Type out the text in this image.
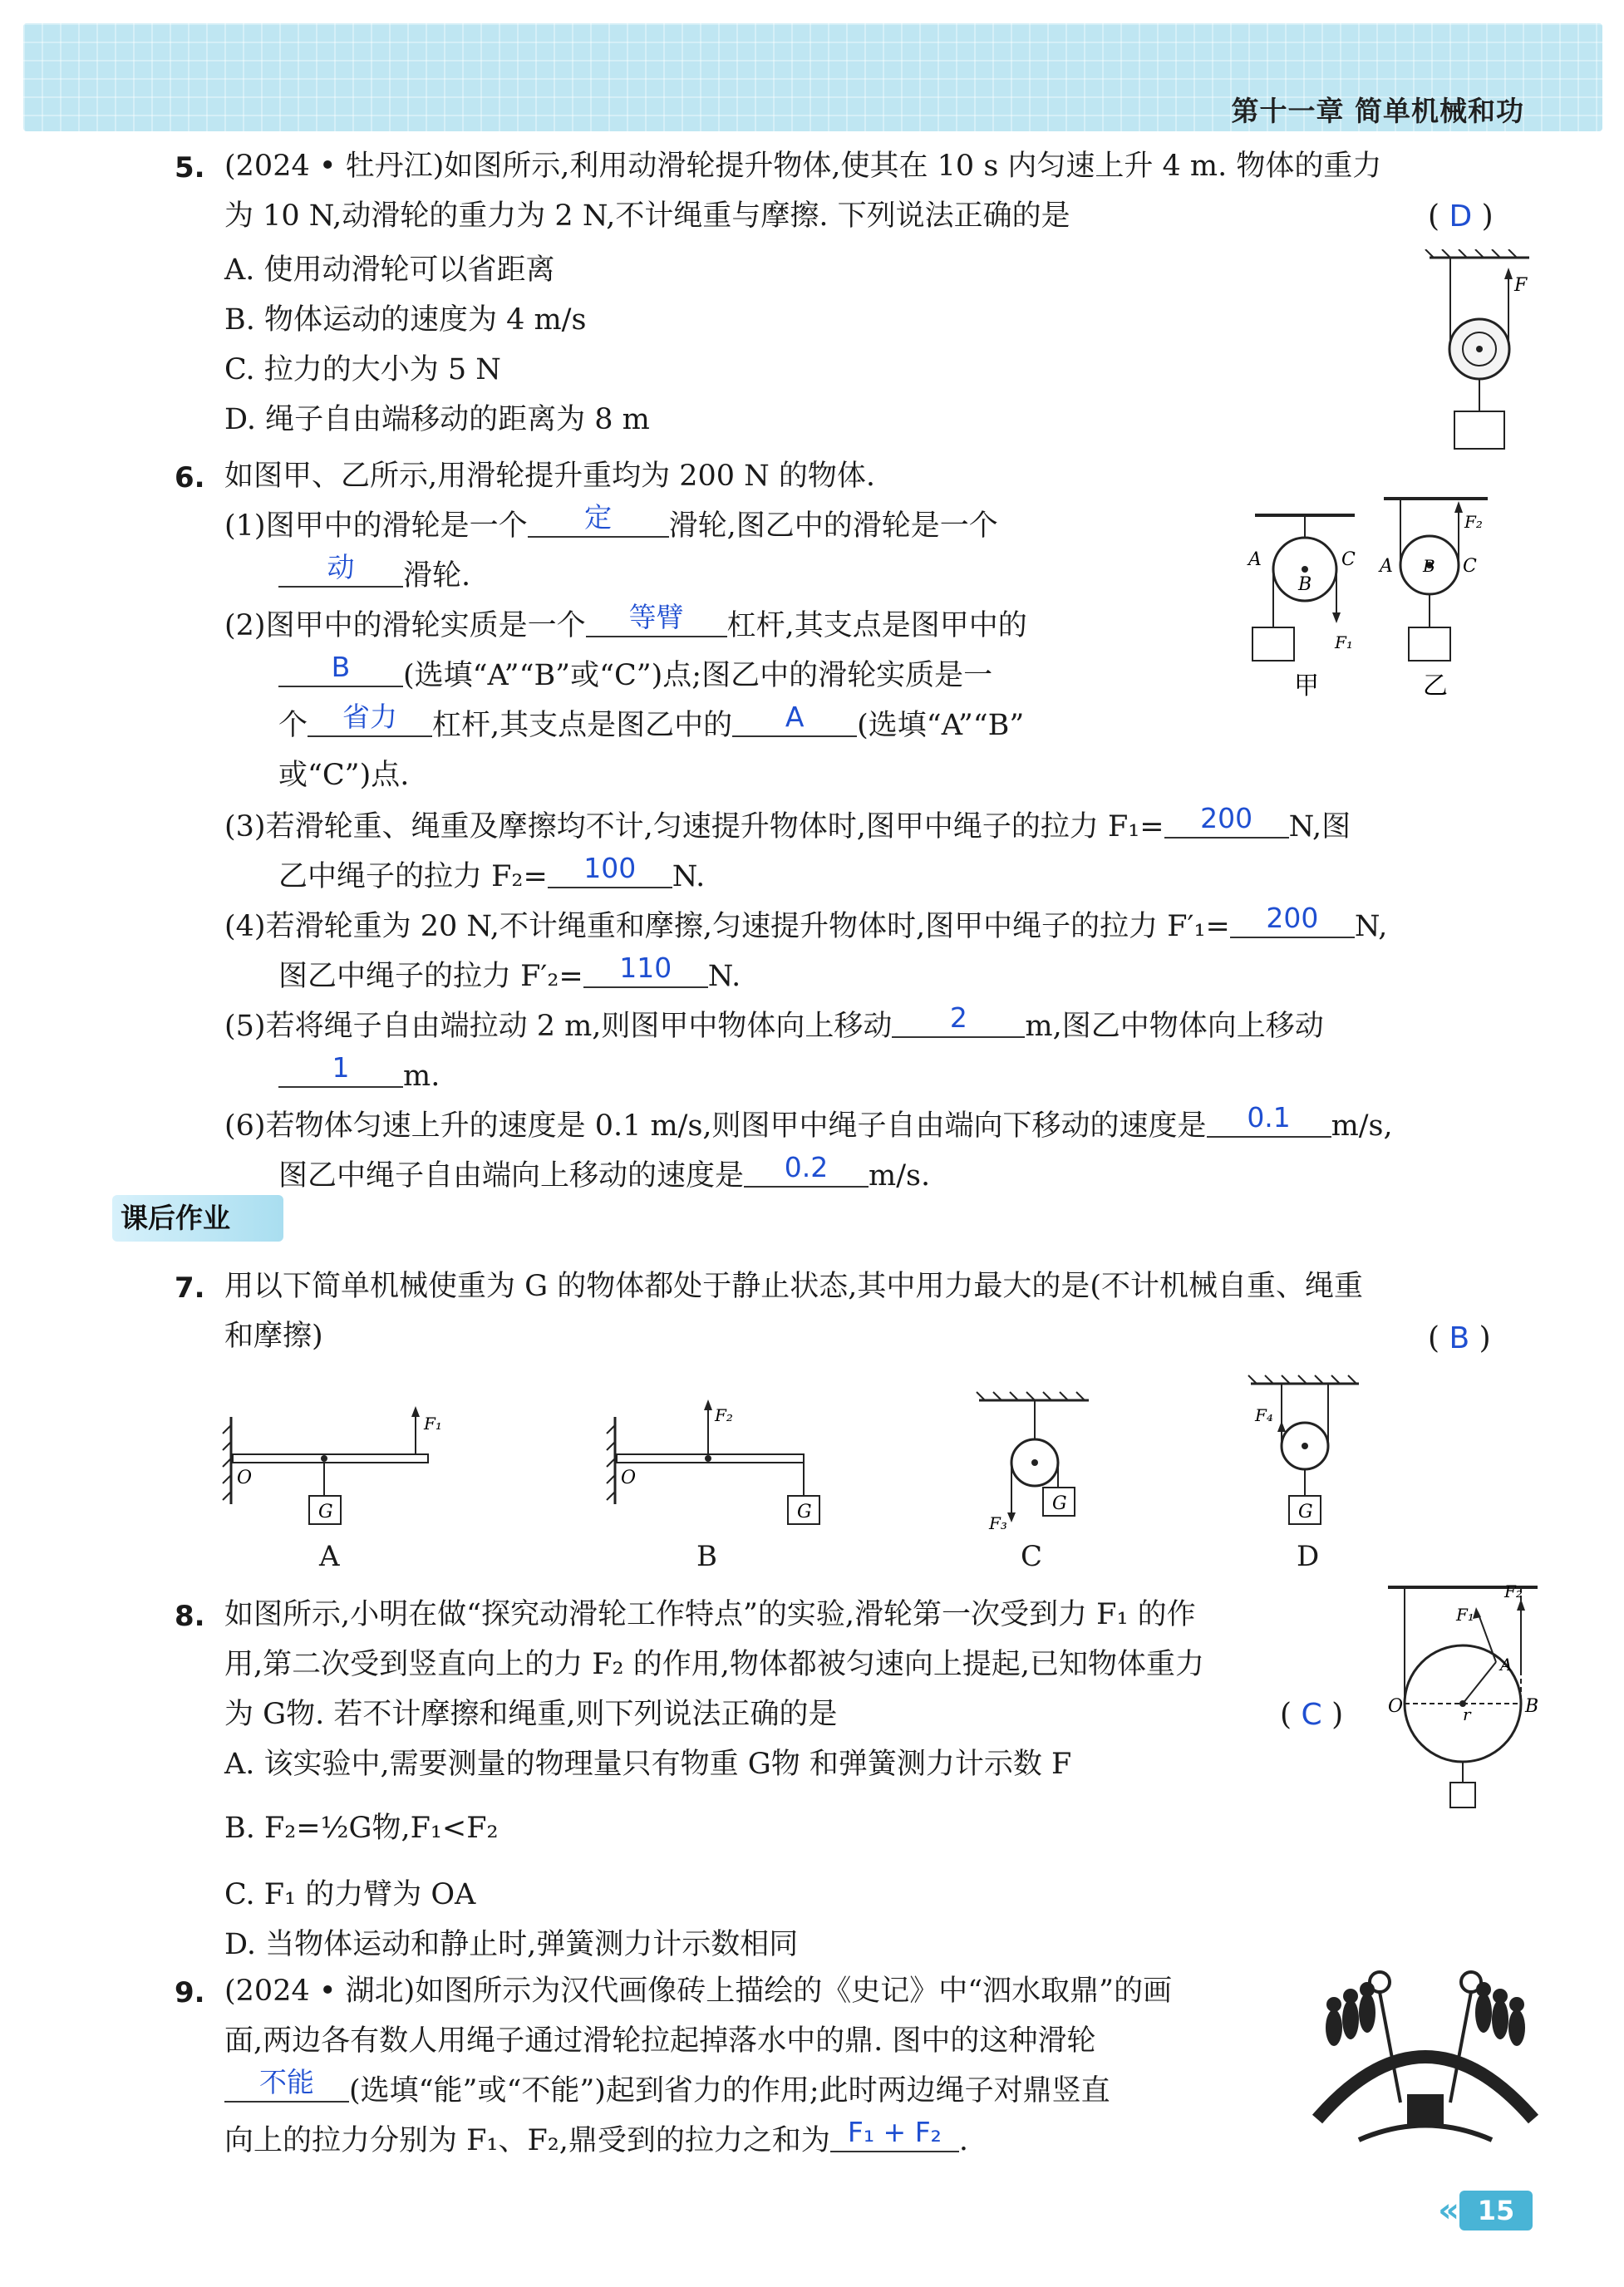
第十一章 简单机械和功
5. (2024 • 牡丹江)如图所示,利用动滑轮提升物体,使其在 10 s 内匀速上升 4 m. 物体的重力
为 10 N,动滑轮的重力为 2 N,不计绳重与摩擦. 下列说法正确的是	( D )
A. 使用动滑轮可以省距离
B. 物体运动的速度为 4 m/s
C. 拉力的大小为 5 N
D. 绳子自由端移动的距离为 8 m
F
6. 如图甲、乙所示,用滑轮提升重均为 200 N 的物体.
(1)图甲中的滑轮是一个 定 滑轮,图乙中的滑轮是一个
动 滑轮.
(2)图甲中的滑轮实质是一个 等臂 杠杆,其支点是图甲中的
B (选填“A”“B”或“C”)点;图乙中的滑轮实质是一
个 省力 杠杆,其支点是图乙中的 A (选填“A”“B”
或“C”)点.
(3)若滑轮重、绳重及摩擦均不计,匀速提升物体时,图甲中绳子的拉力 F₁= 200 N,图
乙中绳子的拉力 F₂= 100 N.
(4)若滑轮重为 20 N,不计绳重和摩擦,匀速提升物体时,图甲中绳子的拉力 F′₁= 200 N,
图乙中绳子的拉力 F′₂= 110 N.
(5)若将绳子自由端拉动 2 m,则图甲中物体向上移动 2 m,图乙中物体向上移动
1 m.
(6)若物体匀速上升的速度是 0.1 m/s,则图甲中绳子自由端向下移动的速度是 0.1 m/s,
图乙中绳子自由端向上移动的速度是 0.2 m/s.
A
B
C
F₁
甲
A B C
F₂
乙
课后作业
7. 用以下简单机械使重为 G 的物体都处于静止状态,其中用力最大的是(不计机械自重、绳重
和摩擦)	( B )
G
F₁
O
F₂
G
O
G
F₃
G
F₄
A	B	C	D
8. 如图所示,小明在做“探究动滑轮工作特点”的实验,滑轮第一次受到力 F₁ 的作
用,第二次受到竖直向上的力 F₂ 的作用,物体都被匀速向上提起,已知物体重力
为 G物. 若不计摩擦和绳重,则下列说法正确的是	( C )
A. 该实验中,需要测量的物理量只有物重 G物 和弹簧测力计示数 F
B. F₂=½G物,F₁<F₂
C. F₁ 的力臂为 OA
D. 当物体运动和静止时,弹簧测力计示数相同
F₁
F₂
O
A
B
r
9. (2024 • 湖北)如图所示为汉代画像砖上描绘的《史记》中“泗水取鼎”的画
面,两边各有数人用绳子通过滑轮拉起掉落水中的鼎. 图中的这种滑轮
不能 (选填“能”或“不能”)起到省力的作用;此时两边绳子对鼎竖直
向上的拉力分别为 F₁、F₂,鼎受到的拉力之和为 F₁ + F₂ .
« 15
